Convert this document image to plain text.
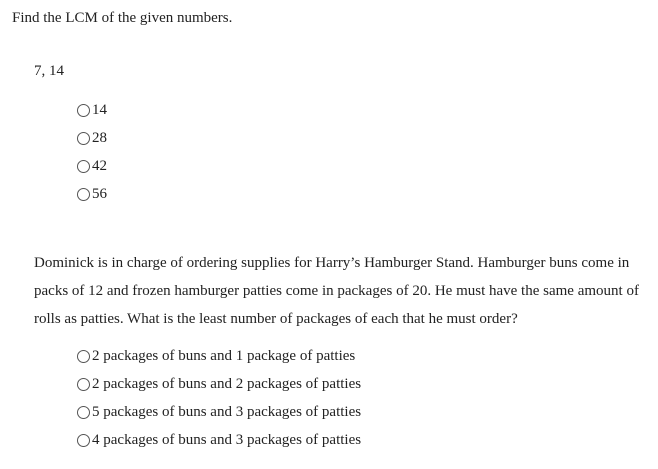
Find the LCM of the given numbers.
7, 14
14
28
42
56
Dominick is in charge of ordering supplies for Harry’s Hamburger Stand. Hamburger buns come in packs of 12 and frozen hamburger patties come in packages of 20. He must have the same amount of rolls as patties. What is the least number of packages of each that he must order?
2 packages of buns and 1 package of patties
2 packages of buns and 2 packages of patties
5 packages of buns and 3 packages of patties
4 packages of buns and 3 packages of patties
